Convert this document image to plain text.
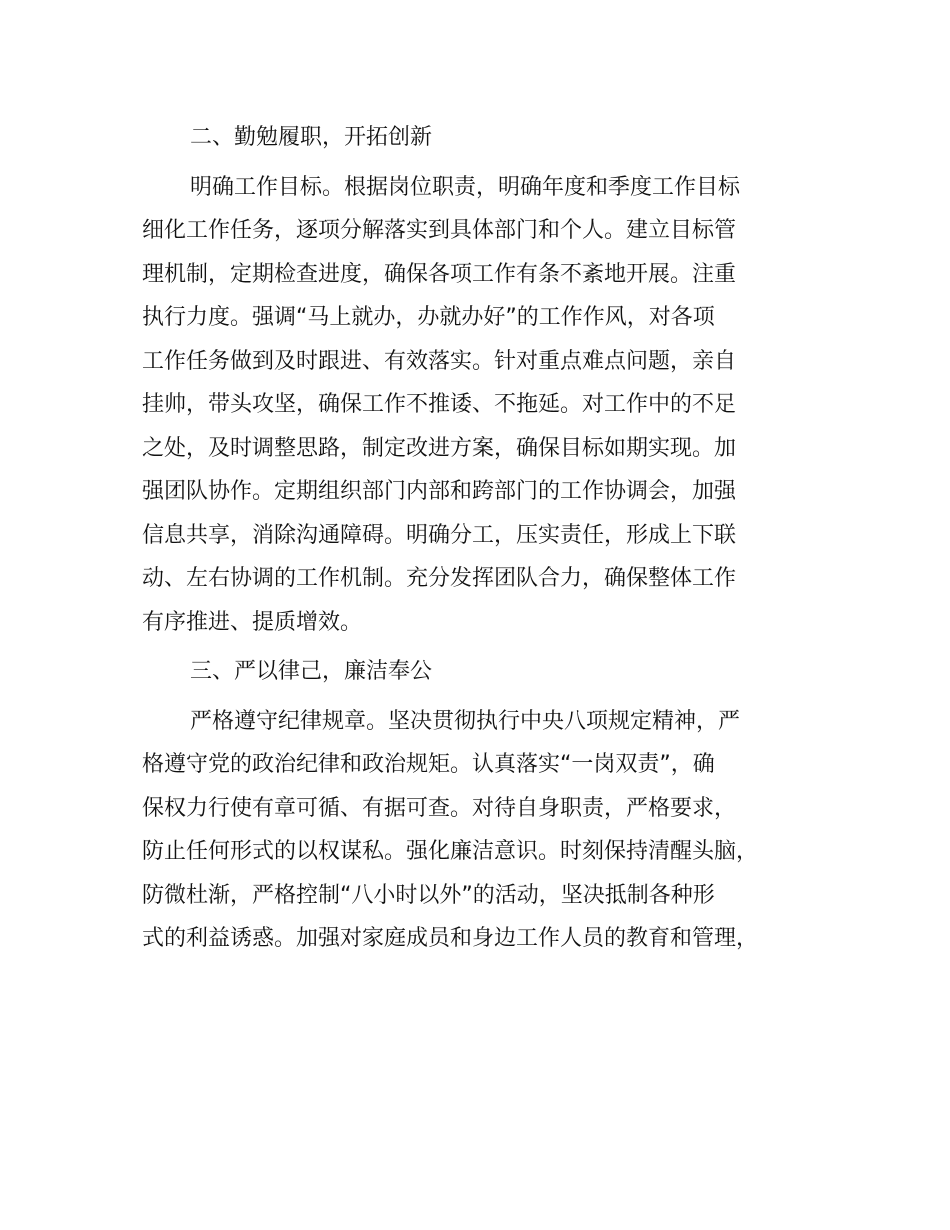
二、勤勉履职，开拓创新
明确工作目标。根据岗位职责，明确年度和季度工作目标
细化工作任务，逐项分解落实到具体部门和个人。建立目标管
理机制，定期检查进度，确保各项工作有条不紊地开展。注重
执行力度。强调“马上就办，办就办好”的工作作风，对各项
工作任务做到及时跟进、有效落实。针对重点难点问题，亲自
挂帅，带头攻坚，确保工作不推诿、不拖延。对工作中的不足
之处，及时调整思路，制定改进方案，确保目标如期实现。加
强团队协作。定期组织部门内部和跨部门的工作协调会，加强
信息共享，消除沟通障碍。明确分工，压实责任，形成上下联
动、左右协调的工作机制。充分发挥团队合力，确保整体工作
有序推进、提质增效。
三、严以律己，廉洁奉公
严格遵守纪律规章。坚决贯彻执行中央八项规定精神，严
格遵守党的政治纪律和政治规矩。认真落实“一岗双责”，确
保权力行使有章可循、有据可查。对待自身职责，严格要求，
防止任何形式的以权谋私。强化廉洁意识。时刻保持清醒头脑，
防微杜渐，严格控制“八小时以外”的活动，坚决抵制各种形
式的利益诱惑。加强对家庭成员和身边工作人员的教育和管理，
